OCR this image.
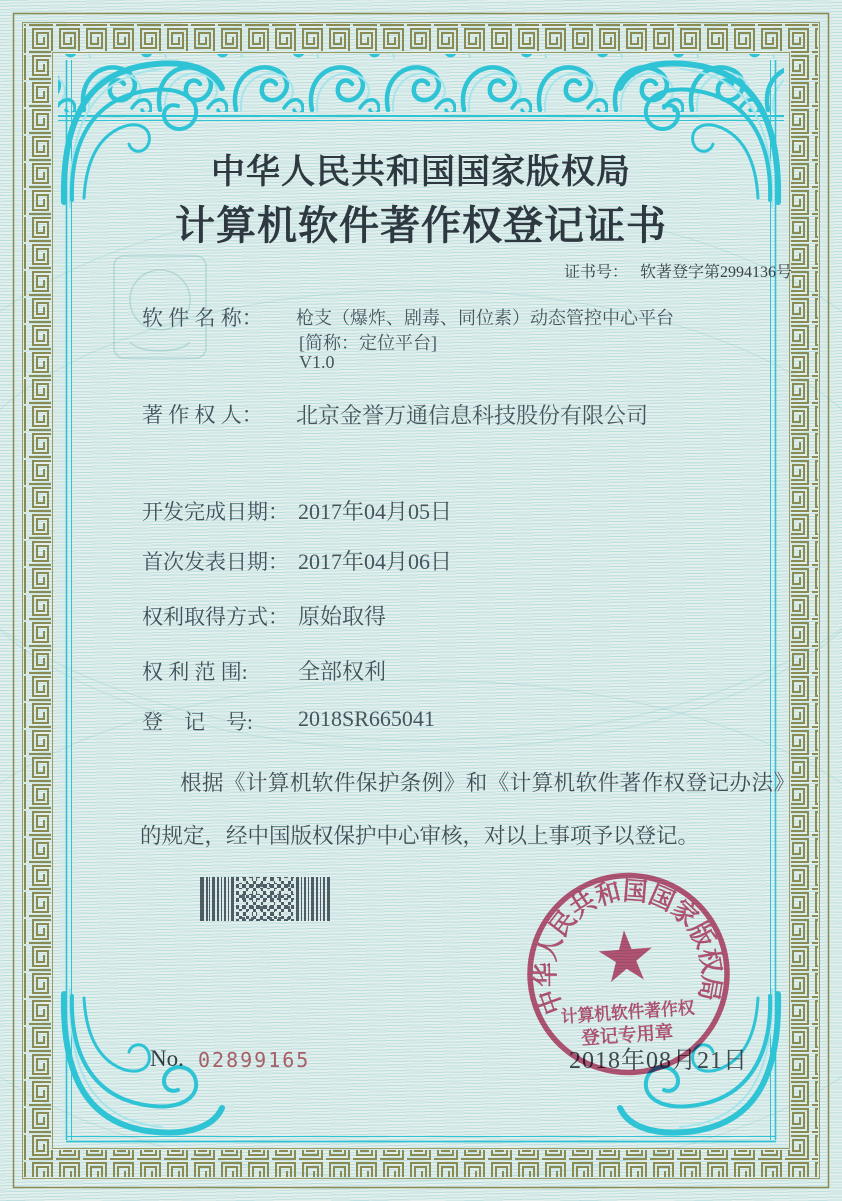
中华人民共和国国家版权局
计算机软件著作权登记证书
证书号： 软著登字第2994136号
软 件 名 称： 枪支（爆炸、剧毒、同位素）动态管控中心平台
[简称：定位平台]
V1.0
著 作 权 人： 北京金誉万通信息科技股份有限公司
开发完成日期： 2017年04月05日
首次发表日期： 2017年04月06日
权利取得方式： 原始取得
权 利 范 围: 全部权利
登　记　号: 2018SR665041
根据《计算机软件保护条例》和《计算机软件著作权登记办法》的规定，经中国版权保护中心审核，对以上事项予以登记。
2018年08月21日
No. 02899165
中华人民共和国国家版权局
计算机软件著作权
登记专用章
